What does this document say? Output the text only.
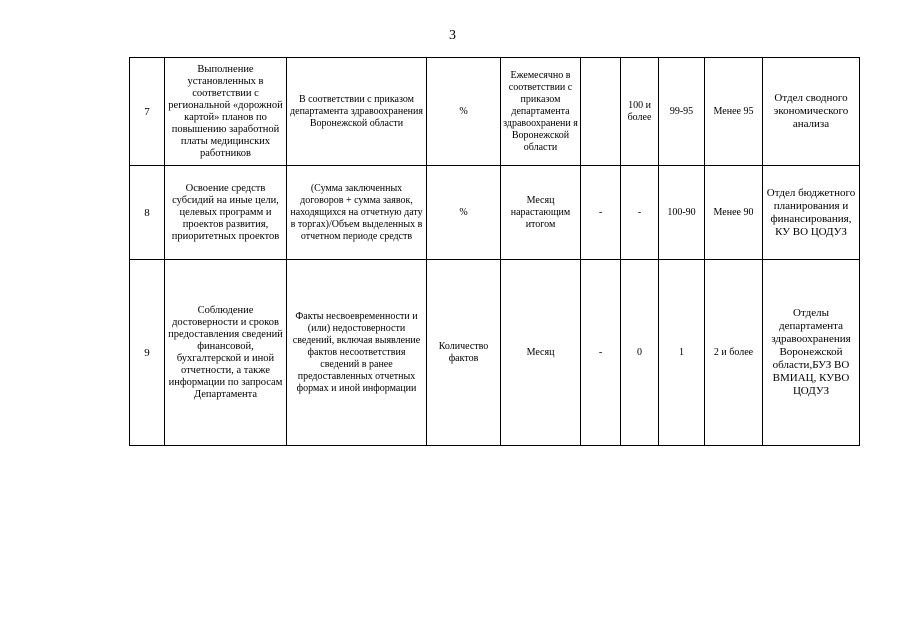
3
7	Выполнение установленных в соответствии с региональной «дорожной картой» планов по повышению заработной платы медицинских работников	В соответствии с приказом департамента здравоохранения Воронежской области	%	Ежемесячно в соответствии с приказом департамента здравоохранени я Воронежской области		100 и более	99-95	Менее 95	Отдел сводного экономического анализа
8	Освоение средств субсидий на иные цели, целевых программ и проектов развития, приоритетных проектов	(Сумма заключенных договоров + сумма заявок, находящихся на отчетную дату в торгах)/Объем выделенных в отчетном периоде средств	%	Месяц нарастающим итогом	-	-	100-90	Менее 90	Отдел бюджетного планирования и финансирования, КУ ВО ЦОДУЗ
9	Соблюдение достоверности и сроков предоставления сведений финансовой, бухгалтерской и иной отчетности, а также информации по запросам Департамента	Факты несвоевременности и (или) недостоверности сведений, включая выявление фактов несоответствия сведений в ранее предоставленных отчетных формах и иной информации	Количество фактов	Месяц	-	0	1	2 и более	Отделы департамента здравоохранения Воронежской области,БУЗ ВО ВМИАЦ, КУВО ЦОДУЗ
